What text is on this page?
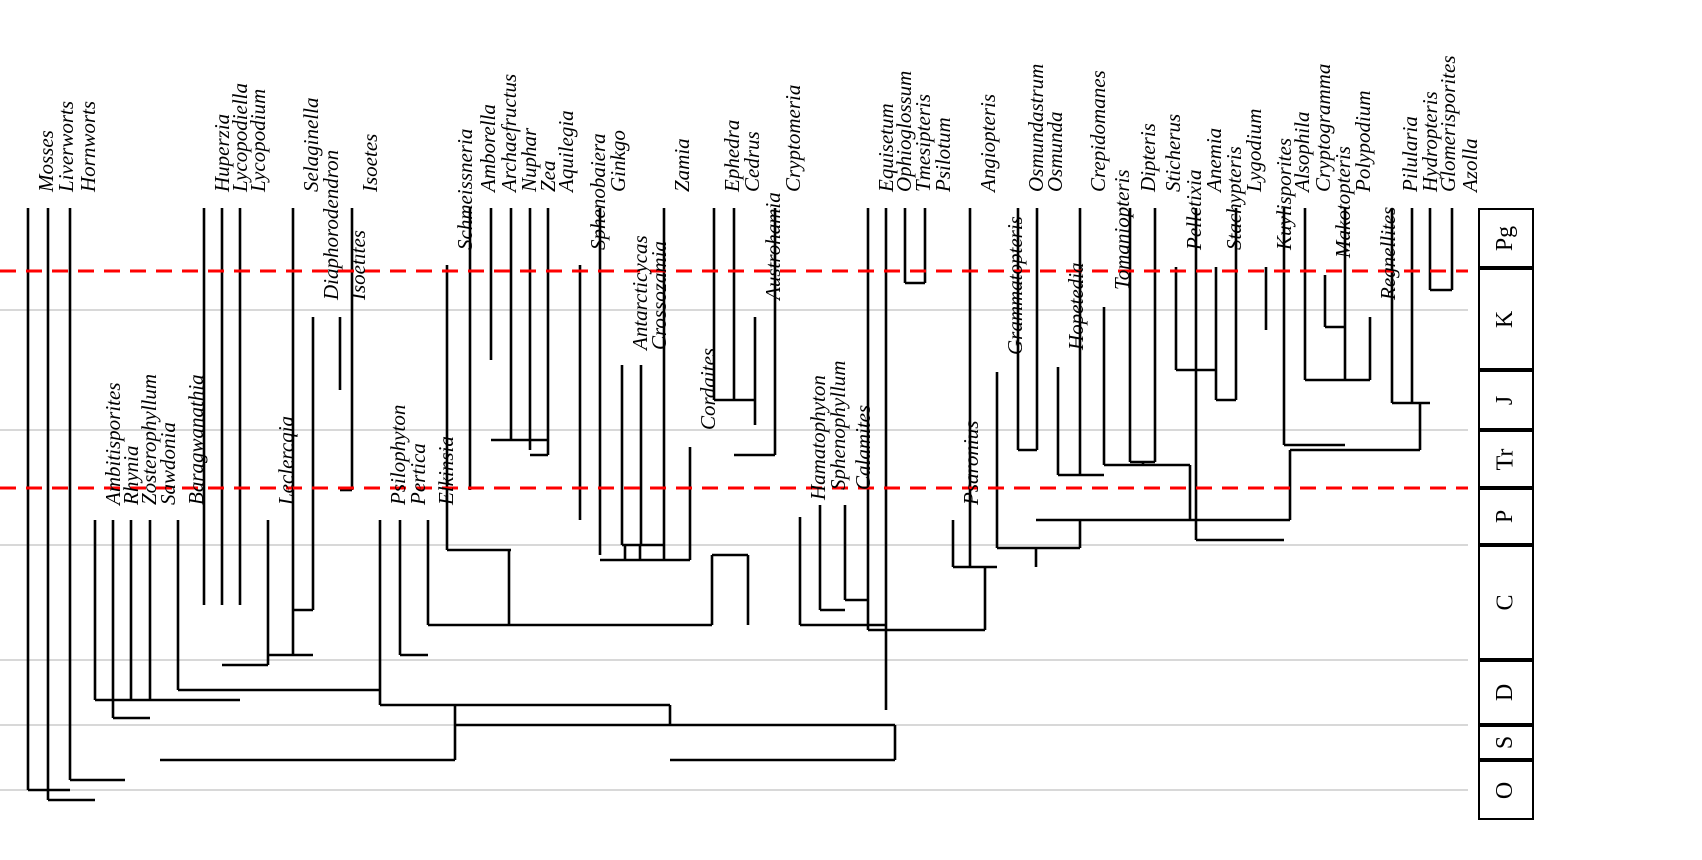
Mosses
Liverworts
Hornworts
Ambitisporites
Rhynia
Zosterophyllum
Sawdonia Baragwanathia
Huperzia
Lycopodiella
Lycopodium
Leclercqia
Selaginella
Diaphorodendron Isoetites
Isoetes
Psilophyton
Pertica Elkinsia
Schmeissneria Amborella
Archaefructus
Nuphar
Zea
Aquilegia Sphenobaiera
Ginkgo
Antarcticycas
Crossozamia
Zamia
Cordaites
Ephedra
Cedrus
Austrohamia
Cryptomeria
Hamatophyton
Sphenophyllum Calamites
Equisetum
Ophioglossum
Tmesipteris
Psilotum
Psaronius
Angiopteris
Grammatopteris
Osmundastrum
Osmunda
Hopetedia
Crepidomanes
Tomaniopteris
Dipteris Sticherus
Pelletixia
Anemia
Stachypteris
Lygodium Kuylisporites
Alsophila
Cryptogramma
Makotopteris
Polypodium
Regnellites
Pilularia
Hydropteris
Glomerisporites
Azolla
Pg
K
J
Tr
P
C
D
S
O
